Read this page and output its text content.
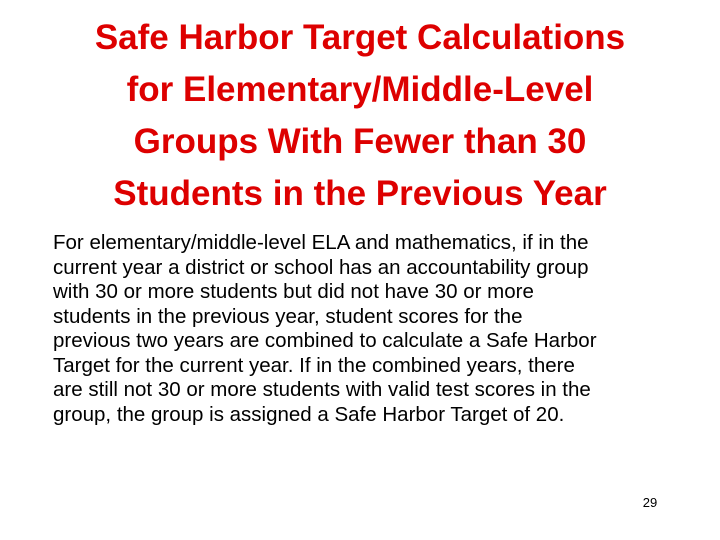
Safe Harbor Target Calculations
for Elementary/Middle-Level
Groups With Fewer than 30
Students in the Previous Year

For elementary/middle-level ELA and mathematics, if in the
current year a district or school has an accountability group
with 30 or more students but did not have 30 or more
students in the previous year, student scores for the
previous two years are combined to calculate a Safe Harbor
Target for the current year. If in the combined years, there
are still not 30 or more students with valid test scores in the
group, the group is assigned a Safe Harbor Target of 20.

29
